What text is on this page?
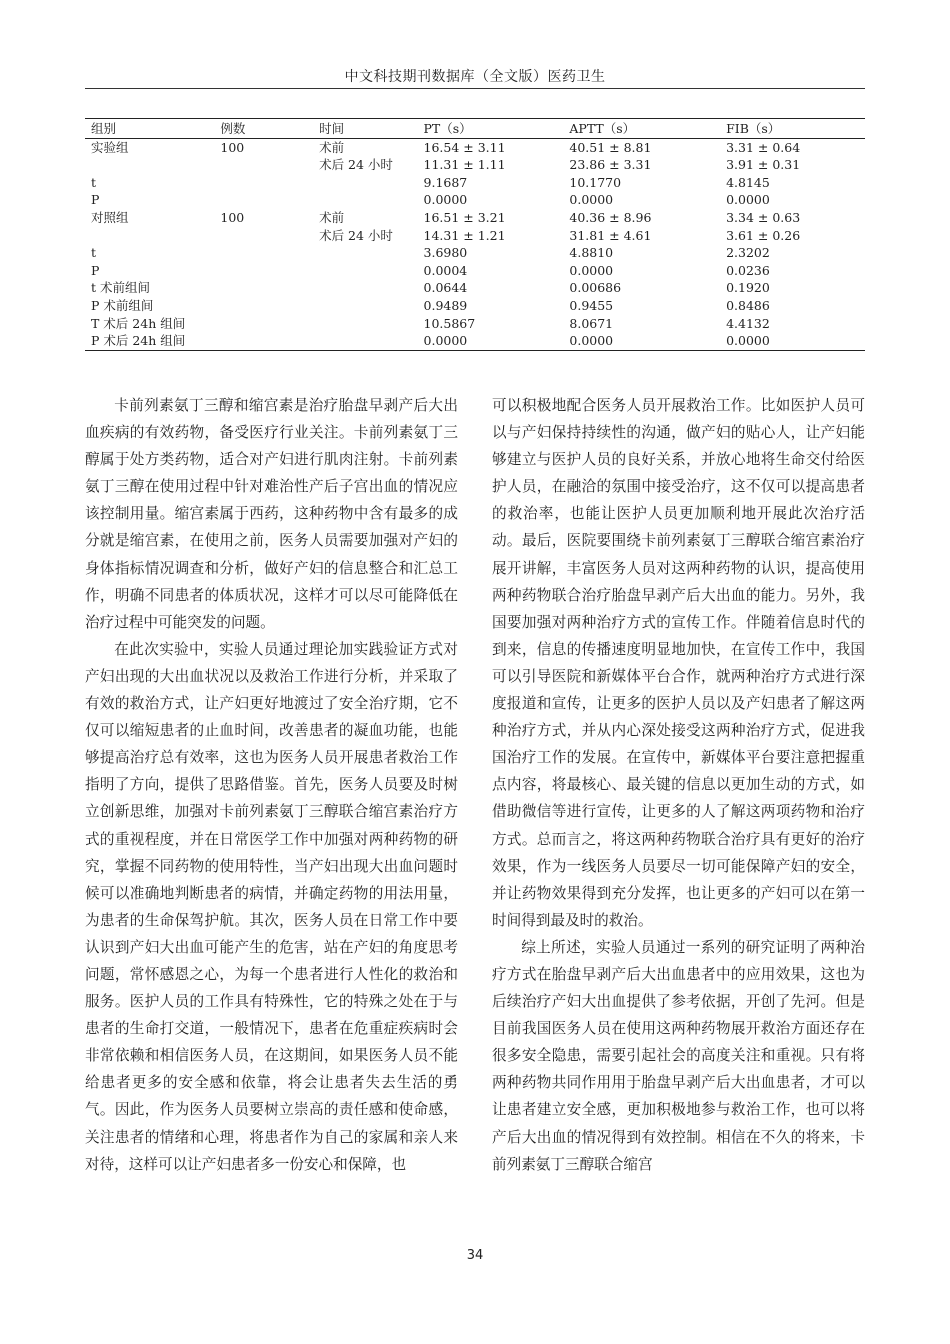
中文科技期刊数据库（全文版）医药卫生
组别	例数	时间	PT（s）	APTT（s）	FIB（s）
实验组	100	术前	16.54 ± 3.11	40.51 ± 8.81	3.31 ± 0.64
		术后 24 小时	11.31 ± 1.11	23.86 ± 3.31	3.91 ± 0.31
t			9.1687	10.1770	4.8145
P			0.0000	0.0000	0.0000
对照组	100	术前	16.51 ± 3.21	40.36 ± 8.96	3.34 ± 0.63
		术后 24 小时	14.31 ± 1.21	31.81 ± 4.61	3.61 ± 0.26
t			3.6980	4.8810	2.3202
P			0.0004	0.0000	0.0236
t 术前组间			0.0644	0.00686	0.1920
P 术前组间			0.9489	0.9455	0.8486
T 术后 24h 组间			10.5867	8.0671	4.4132
P 术后 24h 组间			0.0000	0.0000	0.0000

卡前列素氨丁三醇和缩宫素是治疗胎盘早剥产后大出血疾病的有效药物，备受医疗行业关注。卡前列素氨丁三醇属于处方类药物，适合对产妇进行肌肉注射。卡前列素氨丁三醇在使用过程中针对难治性产后子宫出血的情况应该控制用量。缩宫素属于西药，这种药物中含有最多的成分就是缩宫素，在使用之前，医务人员需要加强对产妇的身体指标情况调查和分析，做好产妇的信息整合和汇总工作，明确不同患者的体质状况，这样才可以尽可能降低在治疗过程中可能突发的问题。

在此次实验中，实验人员通过理论加实践验证方式对产妇出现的大出血状况以及救治工作进行分析，并采取了有效的救治方式，让产妇更好地渡过了安全治疗期，它不仅可以缩短患者的止血时间，改善患者的凝血功能，也能够提高治疗总有效率，这也为医务人员开展患者救治工作指明了方向，提供了思路借鉴。首先，医务人员要及时树立创新思维，加强对卡前列素氨丁三醇联合缩宫素治疗方式的重视程度，并在日常医学工作中加强对两种药物的研究，掌握不同药物的使用特性，当产妇出现大出血问题时候可以准确地判断患者的病情，并确定药物的用法用量，为患者的生命保驾护航。其次，医务人员在日常工作中要认识到产妇大出血可能产生的危害，站在产妇的角度思考问题，常怀感恩之心，为每一个患者进行人性化的救治和服务。医护人员的工作具有特殊性，它的特殊之处在于与患者的生命打交道，一般情况下，患者在危重症疾病时会非常依赖和相信医务人员，在这期间，如果医务人员不能给患者更多的安全感和依靠，将会让患者失去生活的勇气。因此，作为医务人员要树立崇高的责任感和使命感，关注患者的情绪和心理，将患者作为自己的家属和亲人来对待，这样可以让产妇患者多一份安心和保障，也

可以积极地配合医务人员开展救治工作。比如医护人员可以与产妇保持持续性的沟通，做产妇的贴心人，让产妇能够建立与医护人员的良好关系，并放心地将生命交付给医护人员，在融洽的氛围中接受治疗，这不仅可以提高患者的救治率，也能让医护人员更加顺利地开展此次治疗活动。最后，医院要围绕卡前列素氨丁三醇联合缩宫素治疗展开讲解，丰富医务人员对这两种药物的认识，提高使用两种药物联合治疗胎盘早剥产后大出血的能力。另外，我国要加强对两种治疗方式的宣传工作。伴随着信息时代的到来，信息的传播速度明显地加快，在宣传工作中，我国可以引导医院和新媒体平台合作，就两种治疗方式进行深度报道和宣传，让更多的医护人员以及产妇患者了解这两种治疗方式，并从内心深处接受这两种治疗方式，促进我国治疗工作的发展。在宣传中，新媒体平台要注意把握重点内容，将最核心、最关键的信息以更加生动的方式，如借助微信等进行宣传，让更多的人了解这两项药物和治疗方式。总而言之，将这两种药物联合治疗具有更好的治疗效果，作为一线医务人员要尽一切可能保障产妇的安全，并让药物效果得到充分发挥，也让更多的产妇可以在第一时间得到最及时的救治。

综上所述，实验人员通过一系列的研究证明了两种治疗方式在胎盘早剥产后大出血患者中的应用效果，这也为后续治疗产妇大出血提供了参考依据，开创了先河。但是目前我国医务人员在使用这两种药物展开救治方面还存在很多安全隐患，需要引起社会的高度关注和重视。只有将两种药物共同作用用于胎盘早剥产后大出血患者，才可以让患者建立安全感，更加积极地参与救治工作，也可以将产后大出血的情况得到有效控制。相信在不久的将来，卡前列素氨丁三醇联合缩宫

34
